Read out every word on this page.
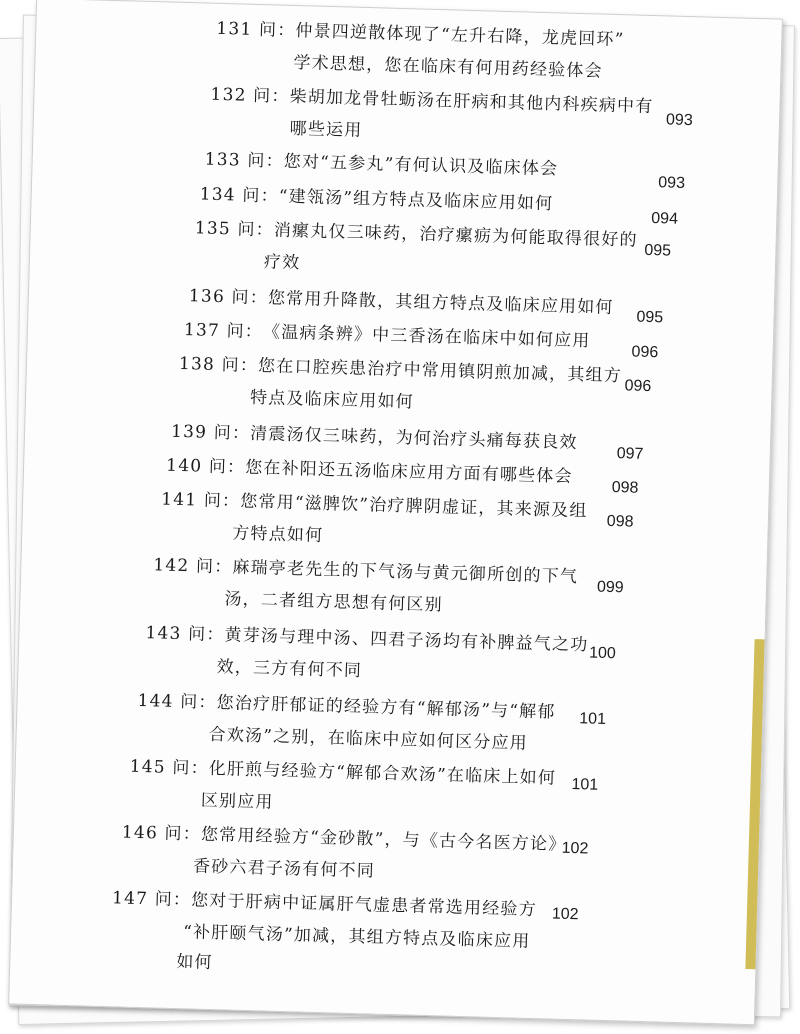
131 问：仲景四逆散体现了“左升右降，龙虎回环”
学术思想，您在临床有何用药经验体会
132 问：柴胡加龙骨牡蛎汤在肝病和其他内科疾病中有
哪些运用	093
133 问：您对“五参丸”有何认识及临床体会
093
134 问：“建瓴汤”组方特点及临床应用如何
094
135 问：消瘰丸仅三味药，治疗瘰疬为何能取得很好的
疗效
095
136 问：您常用升降散，其组方特点及临床应用如何 095
137 问：《温病条辨》中三香汤在临床中如何应用
096
138 问：您在口腔疾患治疗中常用镇阴煎加减，其组方
特点及临床应用如何
096
139 问：清震汤仅三味药，为何治疗头痛每获良效
097
140 问：您在补阳还五汤临床应用方面有哪些体会
098
141 问：您常用“滋脾饮”治疗脾阴虚证，其来源及组
方特点如何
098
142 问：麻瑞亭老先生的下气汤与黄元御所创的下气
汤，二者组方思想有何区别
099
143 问：黄芽汤与理中汤、四君子汤均有补脾益气之功
效，三方有何不同
100
144 问：您治疗肝郁证的经验方有“解郁汤”与“解郁
合欢汤”之别，在临床中应如何区分应用
101
145 问：化肝煎与经验方“解郁合欢汤”在临床上如何
区别应用
101
146 问：您常用经验方“金砂散”，与《古今名医方论》
香砂六君子汤有何不同
102
147 问：您对于肝病中证属肝气虚患者常选用经验方
“补肝颐气汤”加减，其组方特点及临床应用
如何
102
